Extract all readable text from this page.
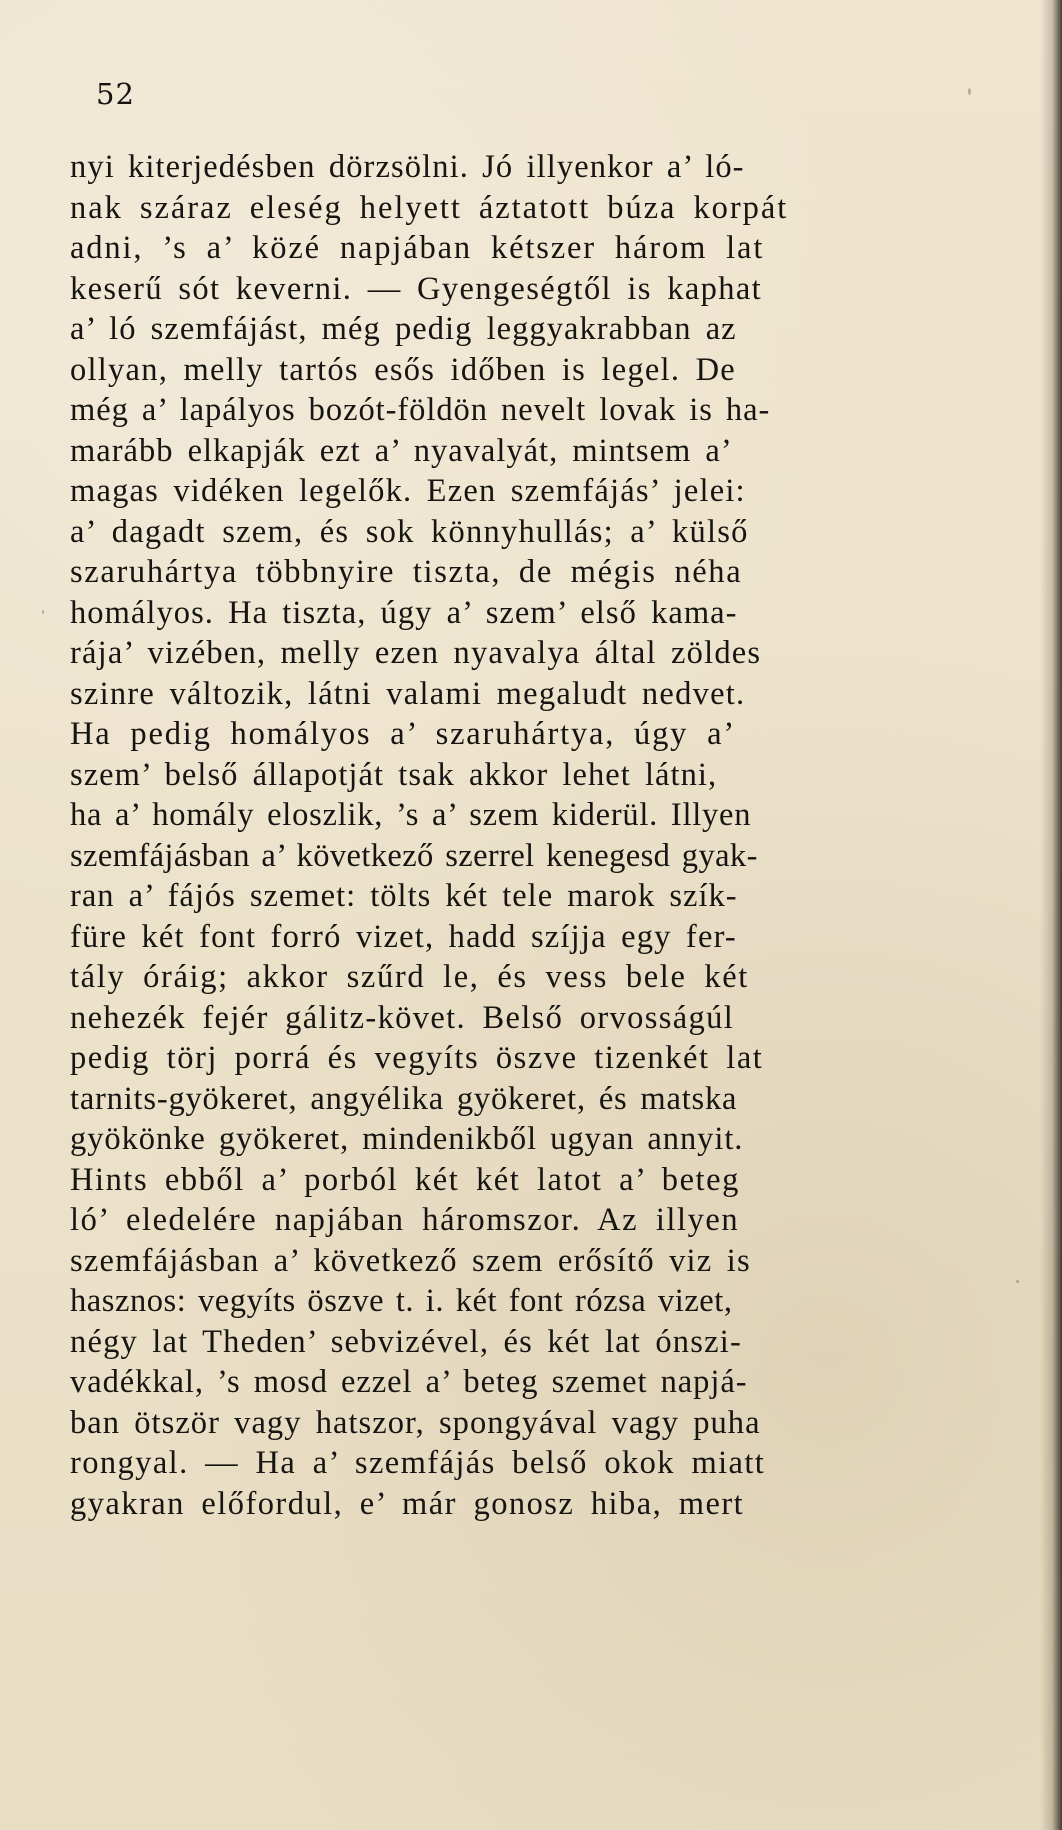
52
nyi kiterjedésben dörzsölni. Jó illyenkor a’ ló-
nak száraz eleség helyett áztatott búza korpát
adni, ’s a’ közé napjában kétszer három lat
keserű sót keverni. — Gyengeségtől is kaphat
a’ ló szemfájást, még pedig leggyakrabban az
ollyan, melly tartós esős időben is legel. De
még a’ lapályos bozót-földön nevelt lovak is ha-
marább elkapják ezt a’ nyavalyát, mintsem a’
magas vidéken legelők. Ezen szemfájás’ jelei:
a’ dagadt szem, és sok könnyhullás; a’ külső
szaruhártya többnyire tiszta, de mégis néha
homályos. Ha tiszta, úgy a’ szem’ első kama-
rája’ vizében, melly ezen nyavalya által zöldes
szinre változik, látni valami megaludt nedvet.
Ha pedig homályos a’ szaruhártya, úgy a’
szem’ belső állapotját tsak akkor lehet látni,
ha a’ homály eloszlik, ’s a’ szem kiderül. Illyen
szemfájásban a’ következő szerrel kenegesd gyak-
ran a’ fájós szemet: tölts két tele marok szík-
füre két font forró vizet, hadd szíjja egy fer-
tály óráig; akkor szűrd le, és vess bele két
nehezék fejér gálitz-követ. Belső orvosságúl
pedig törj porrá és vegyíts öszve tizenkét lat
tarnits-gyökeret, angyélika gyökeret, és matska
gyökönke gyökeret, mindenikből ugyan annyit.
Hints ebből a’ porból két két latot a’ beteg
ló’ eledelére napjában háromszor. Az illyen
szemfájásban a’ következő szem erősítő viz is
hasznos: vegyíts öszve t. i. két font rózsa vizet,
négy lat Theden’ sebvizével, és két lat ónszi-
vadékkal, ’s mosd ezzel a’ beteg szemet napjá-
ban ötször vagy hatszor, spongyával vagy puha
rongyal. — Ha a’ szemfájás belső okok miatt
gyakran előfordul, e’ már gonosz hiba, mert
